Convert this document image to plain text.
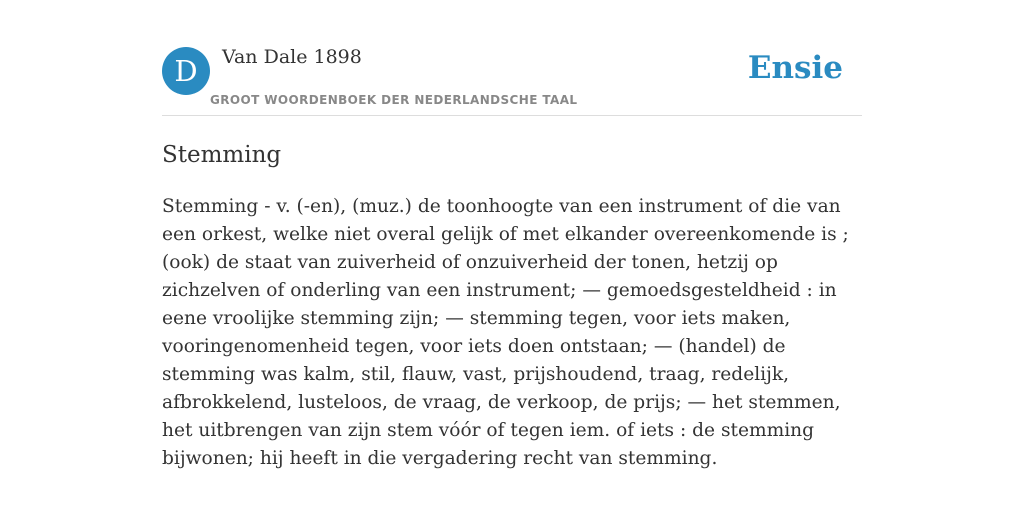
D	Van Dale 1898
GROOT WOORDENBOEK DER NEDERLANDSCHE TAAL
Ensie
Stemming

Stemming - v. (-en), (muz.) de toonhoogte van een instrument of die van een orkest, welke niet overal gelijk of met elkander overeenkomende is ; (ook) de staat van zuiverheid of onzuiverheid der tonen, hetzij op zichzelven of onderling van een instrument; — gemoedsgesteldheid : in eene vroolijke stemming zijn; — stemming tegen, voor iets maken, vooringenomenheid tegen, voor iets doen ontstaan; — (handel) de stemming was kalm, stil, flauw, vast, prijshoudend, traag, redelijk, afbrokkelend, lusteloos, de vraag, de verkoop, de prijs; — het stemmen, het uitbrengen van zijn stem vóór of tegen iem. of iets : de stemming bijwonen; hij heeft in die vergadering recht van stemming.
